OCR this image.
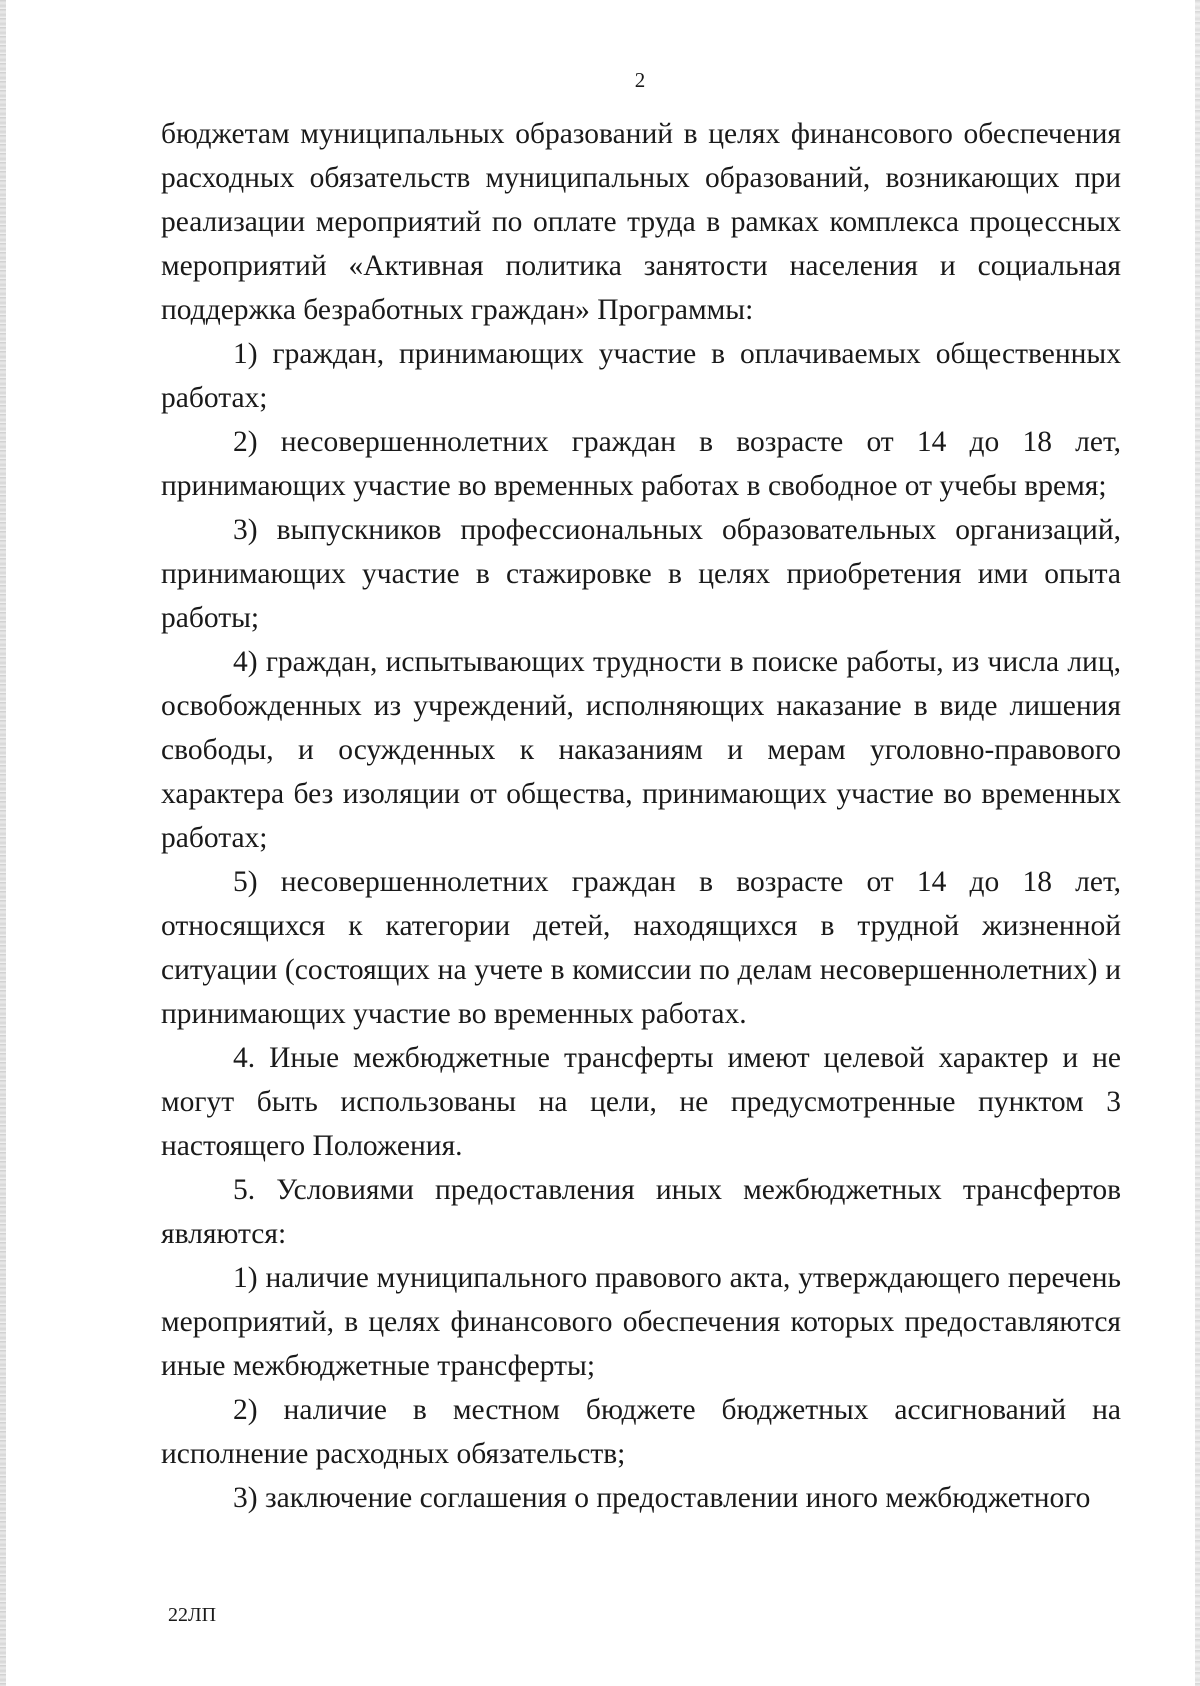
2

бюджетам муниципальных образований в целях финансового обеспечения расходных обязательств муниципальных образований, возникающих при реализации мероприятий по оплате труда в рамках комплекса процессных мероприятий «Активная политика занятости населения и социальная поддержка безработных граждан» Программы:

1) граждан, принимающих участие в оплачиваемых общественных работах;

2) несовершеннолетних граждан в возрасте от 14 до 18 лет, принимающих участие во временных работах в свободное от учебы время;

3) выпускников профессиональных образовательных организаций, принимающих участие в стажировке в целях приобретения ими опыта работы;

4) граждан, испытывающих трудности в поиске работы, из числа лиц, освобожденных из учреждений, исполняющих наказание в виде лишения свободы, и осужденных к наказаниям и мерам уголовно-правового характера без изоляции от общества, принимающих участие во временных работах;

5) несовершеннолетних граждан в возрасте от 14 до 18 лет, относящихся к категории детей, находящихся в трудной жизненной ситуации (состоящих на учете в комиссии по делам несовершеннолетних) и принимающих участие во временных работах.

4. Иные межбюджетные трансферты имеют целевой характер и не могут быть использованы на цели, не предусмотренные пунктом 3 настоящего Положения.

5. Условиями предоставления иных межбюджетных трансфертов являются:

1) наличие муниципального правового акта, утверждающего перечень мероприятий, в целях финансового обеспечения которых предоставляются иные межбюджетные трансферты;

2) наличие в местном бюджете бюджетных ассигнований на исполнение расходных обязательств;

3) заключение соглашения о предоставлении иного межбюджетного

22ЛП
